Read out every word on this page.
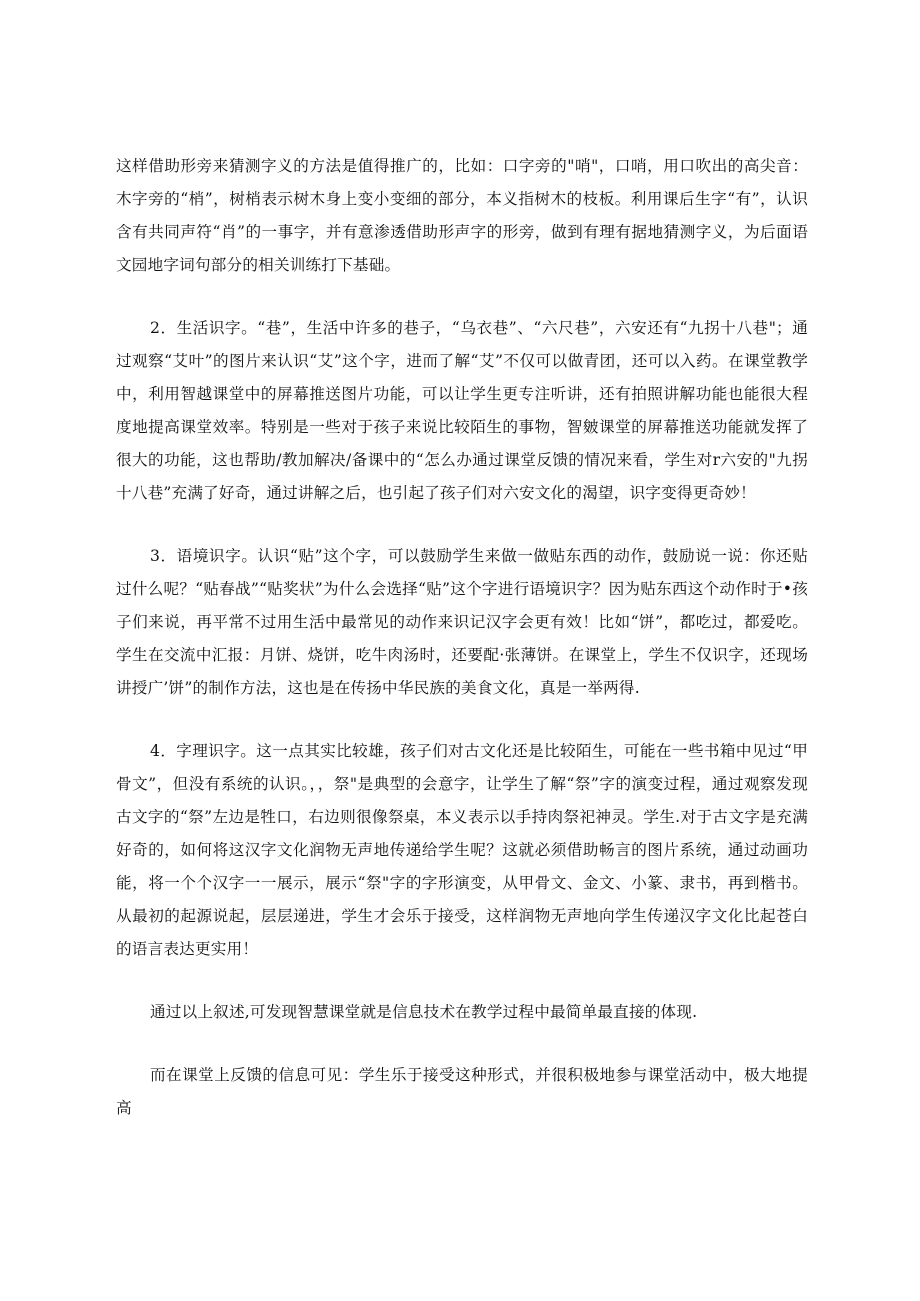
这样借助形旁来猜测字义的方法是值得推广的，比如：口字旁的"哨"，口哨，用口吹出的高尖音：木字旁的“梢”，树梢表示树木身上变小变细的部分，本义指树木的枝板。利用课后生字“有”，认识含有共同声符“肖”的一事字，并有意渗透借助形声字的形旁，做到有理有据地猜测字义，为后面语文园地字词句部分的相关训练打下基础。

2．生活识字。“巷”，生活中许多的巷子，“乌衣巷”、“六尺巷”，六安还有“九拐十八巷"；通过观察“艾叶”的图片来认识“艾”这个字，进而了解“艾”不仅可以做青团，还可以入药。在课堂教学中，利用智越课堂中的屏幕推送图片功能，可以让学生更专注听讲，还有拍照讲解功能也能很大程度地提高课堂效率。特别是一些对于孩子来说比较陌生的事物，智皴课堂的屏幕推送功能就发挥了很大的功能，这也帮助/教加解决/备课中的“怎么办通过课堂反馈的情况来看，学生对r六安的"九拐十八巷”充满了好奇，通过讲解之后，也引起了孩子们对六安文化的渴望，识字变得更奇妙！

3．语境识字。认识“贴”这个字，可以鼓励学生来做一做贴东西的动作，鼓励说一说：你还贴过什么呢？“贴春战”“贴奖状”为什么会选择“贴”这个字进行语境识字？因为贴东西这个动作时于•孩子们来说，再平常不过用生活中最常见的动作来识记汉字会更有效！比如“饼”，都吃过，都爱吃。学生在交流中汇报：月饼、烧饼，吃牛肉汤时，还要配·张薄饼。在课堂上，学生不仅识字，还现场讲授广’饼”的制作方法，这也是在传扬中华民族的美食文化，真是一举两得.

4．字理识字。这一点其实比较雄，孩子们对古文化还是比较陌生，可能在一些书箱中见过“甲骨文”，但没有系统的认识。，，祭"是典型的会意字，让学生了解“祭”字的演变过程，通过观察发现古文字的“祭”左边是牲口，右边则很像祭桌，本义表示以手持肉祭祀神灵。学生.对于古文字是充满好奇的，如何将这汉字文化润物无声地传递给学生呢？这就必须借助畅言的图片系统，通过动画功能，将一个个汉字一一展示，展示“祭"字的字形演变，从甲骨文、金文、小篆、隶书，再到楷书。从最初的起源说起，层层递进，学生才会乐于接受，这样润物无声地向学生传递汉字文化比起苍白的语言表达更实用！

通过以上叙述,可发现智慧课堂就是信息技术在教学过程中最简单最直接的体现.

而在课堂上反馈的信息可见：学生乐于接受这种形式，并很积极地参与课堂活动中，极大地提高
